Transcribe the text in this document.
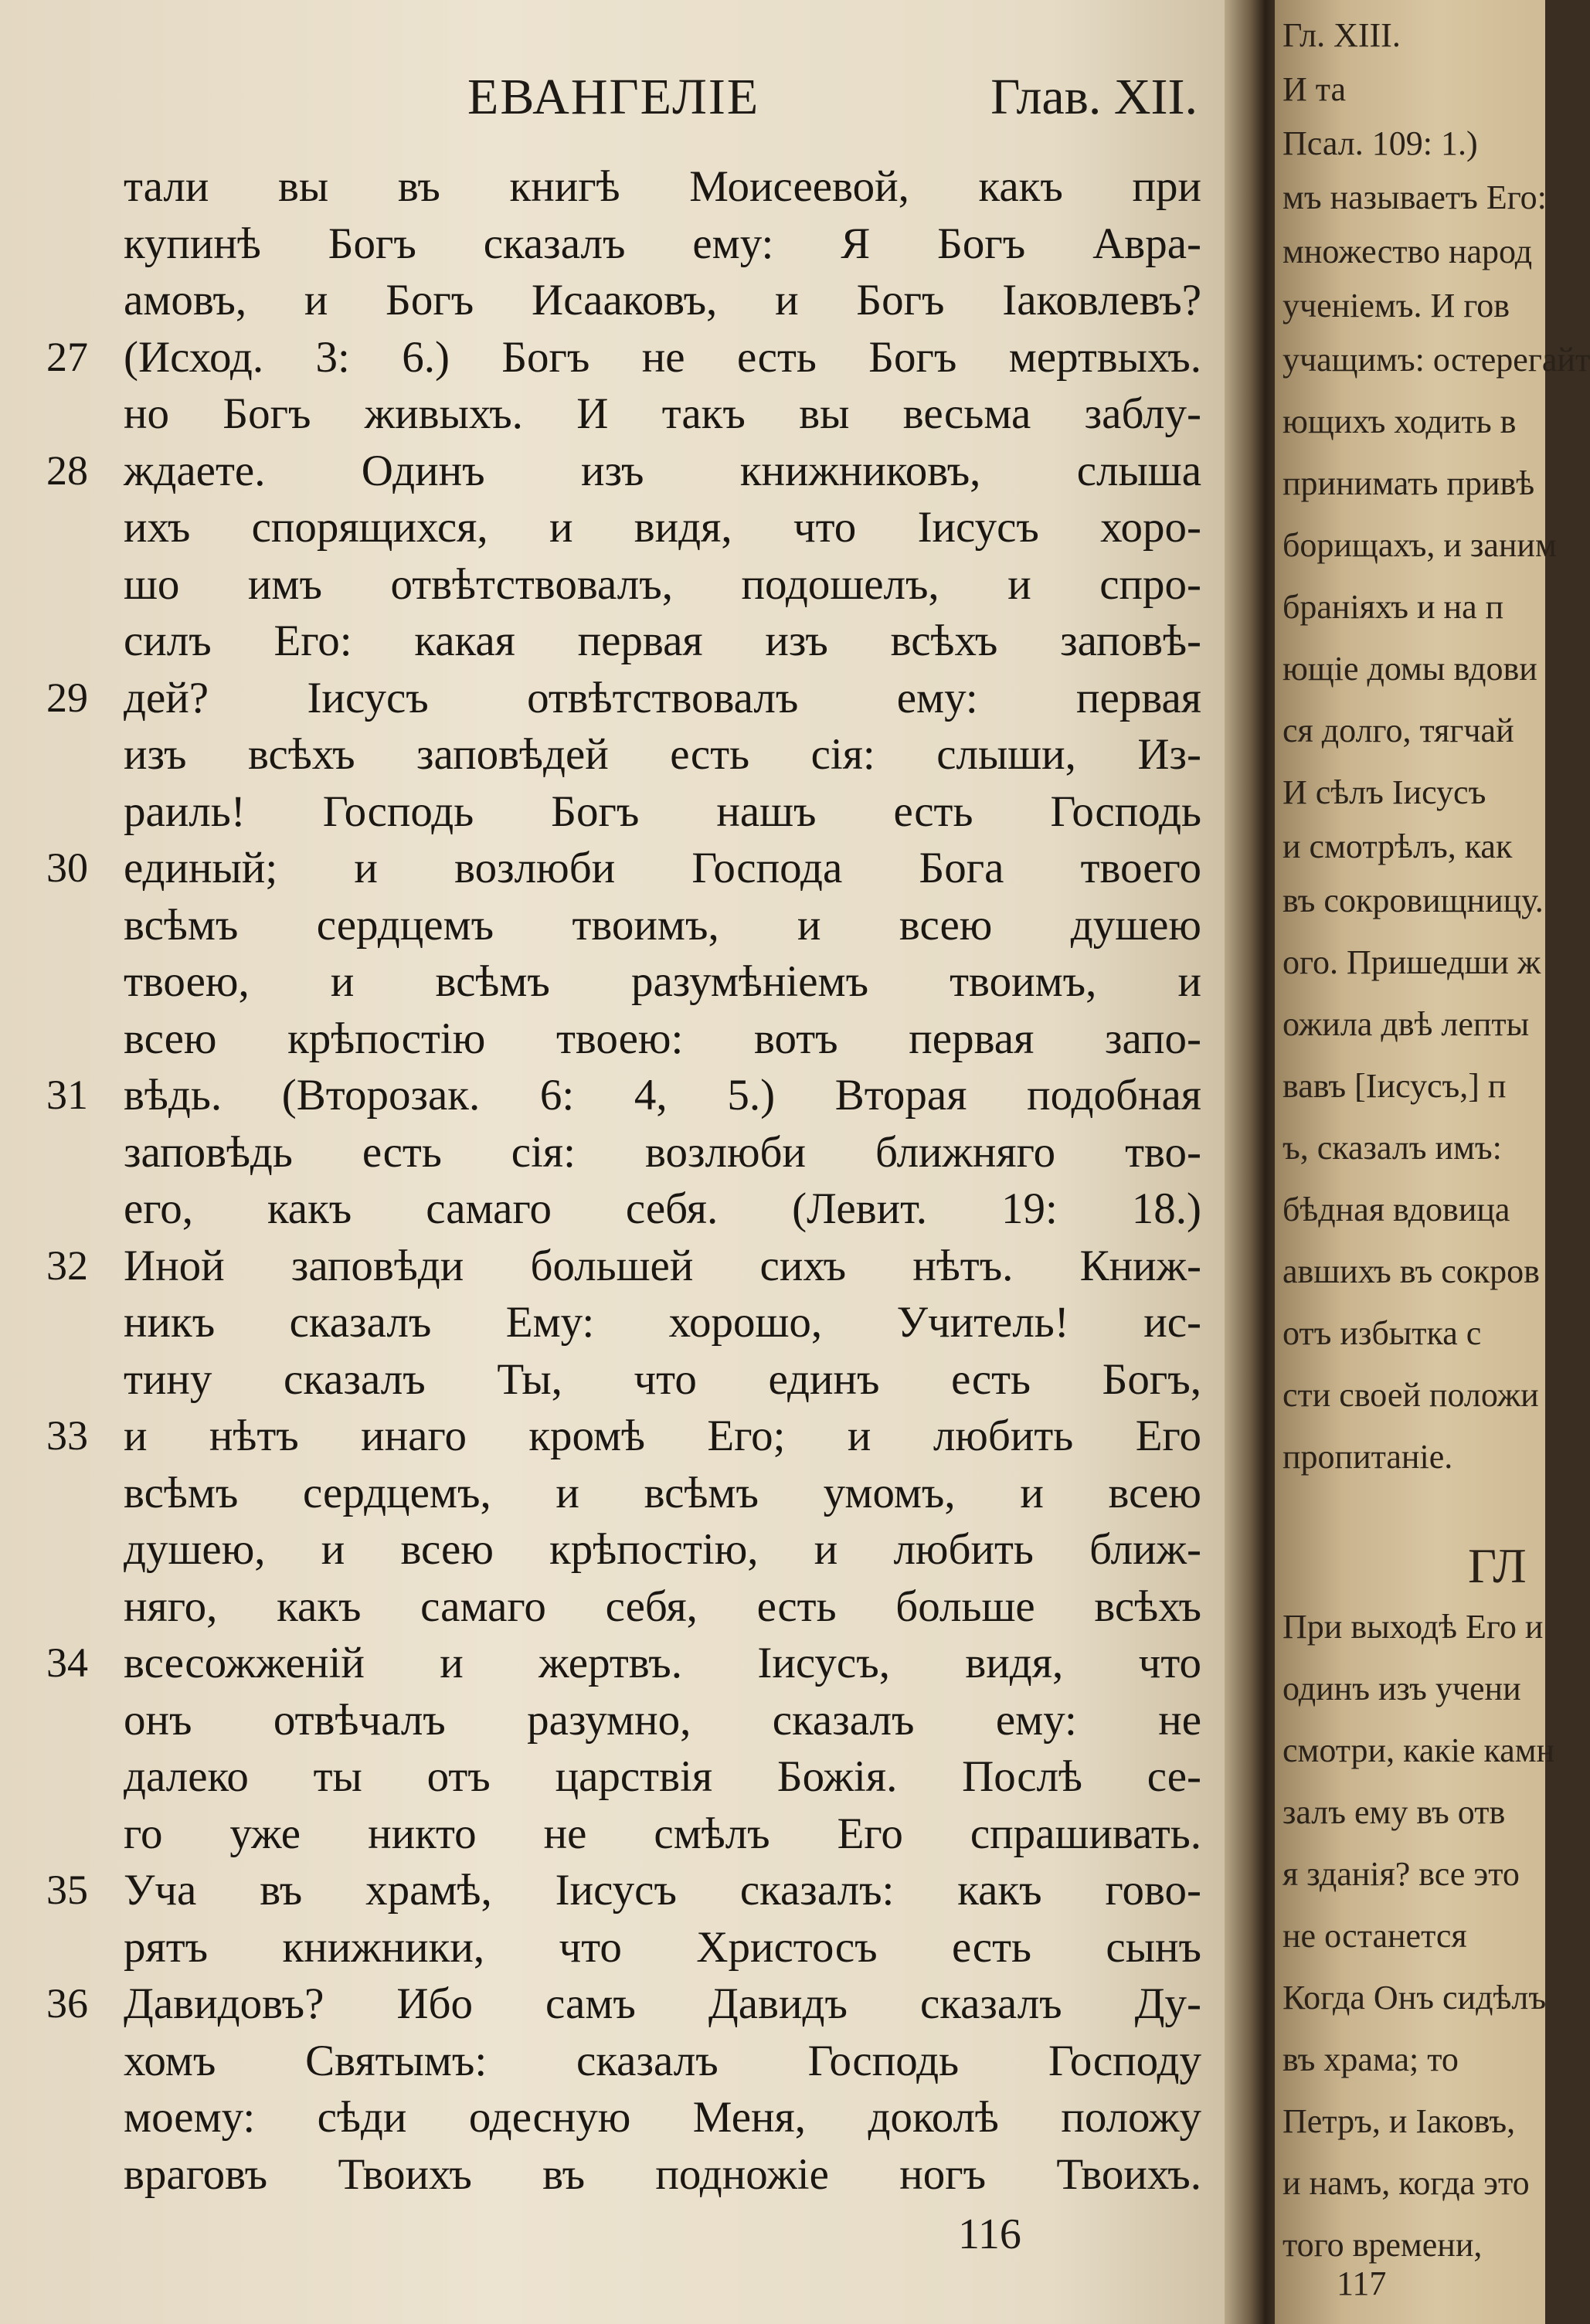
ЕВАНГЕЛІЕ	Глав. XII.
тали вы въ книгѣ Моисеевой, какъ при
купинѣ Богъ сказалъ ему: Я Богъ Авра-
амовъ, и Богъ Исааковъ, и Богъ Іаковлевъ?
27 (Исход. 3: 6.) Богъ не есть Богъ мертвыхъ.
но Богъ живыхъ. И такъ вы весьма заблу-
28 ждаете. Одинъ изъ книжниковъ, слыша
ихъ спорящихся, и видя, что Іисусъ хоро-
шо имъ отвѣтствовалъ, подошелъ, и спро-
силъ Его: какая первая изъ всѣхъ заповѣ-
29 дей? Іисусъ отвѣтствовалъ ему: первая
изъ всѣхъ заповѣдей есть сія: слыши, Из-
раиль! Господь Богъ нашъ есть Господь
30 единый; и возлюби Господа Бога твоего
всѣмъ сердцемъ твоимъ, и всею душею
твоею, и всѣмъ разумѣніемъ твоимъ, и
всею крѣпостію твоею: вотъ первая запо-
31 вѣдь. (Второзак. 6: 4, 5.) Вторая подобная
заповѣдь есть сія: возлюби ближняго тво-
его, какъ самаго себя. (Левит. 19: 18.)
32 Иной заповѣди большей сихъ нѣтъ. Книж-
никъ сказалъ Ему: хорошо, Учитель! ис-
тину сказалъ Ты, что единъ есть Богъ,
33 и нѣтъ инаго кромѣ Его; и любить Его
всѣмъ сердцемъ, и всѣмъ умомъ, и всею
душею, и всею крѣпостію, и любить ближ-
няго, какъ самаго себя, есть больше всѣхъ
34 всесожженій и жертвъ. Іисусъ, видя, что
онъ отвѣчалъ разумно, сказалъ ему: не
далеко ты отъ царствія Божія. Послѣ се-
го уже никто не смѣлъ Его спрашивать.
35 Уча въ храмѣ, Іисусъ сказалъ: какъ гово-
рятъ книжники, что Христосъ есть сынъ
36 Давидовъ? Ибо самъ Давидъ сказалъ Ду-
хомъ Святымъ: сказалъ Господь Господу
моему: сѣди одесную Меня, доколѣ положу
враговъ Твоихъ въ подножіе ногъ Твоихъ.
116
Гл. XIII.
И та
Псал. 109: 1.)
мъ называетъ Его:
множество народ
ученіемъ. И гов
учащимъ: остерегайт
ющихъ ходить в
принимать привѣ
борищахъ, и заним
браніяхъ и на п
ющіе домы вдови
ся долго, тягчай
И сѣлъ Іисусъ
и смотрѣлъ, как
въ сокровищницу.
ого. Пришедши ж
ожила двѣ лепты
вавъ [Іисусъ,] п
ъ, сказалъ имъ:
бѣдная вдовица
авшихъ въ сокров
отъ избытка с
сти своей положи
пропитаніе.
ГЛ
При выходѣ Его и
одинъ изъ учени
смотри, какіе камн
залъ ему въ отв
я зданія? все это
не останется
Когда Онъ сидѣлъ
въ храма; то
Петръ, и Іаковъ,
и намъ, когда это
того времени,
117
